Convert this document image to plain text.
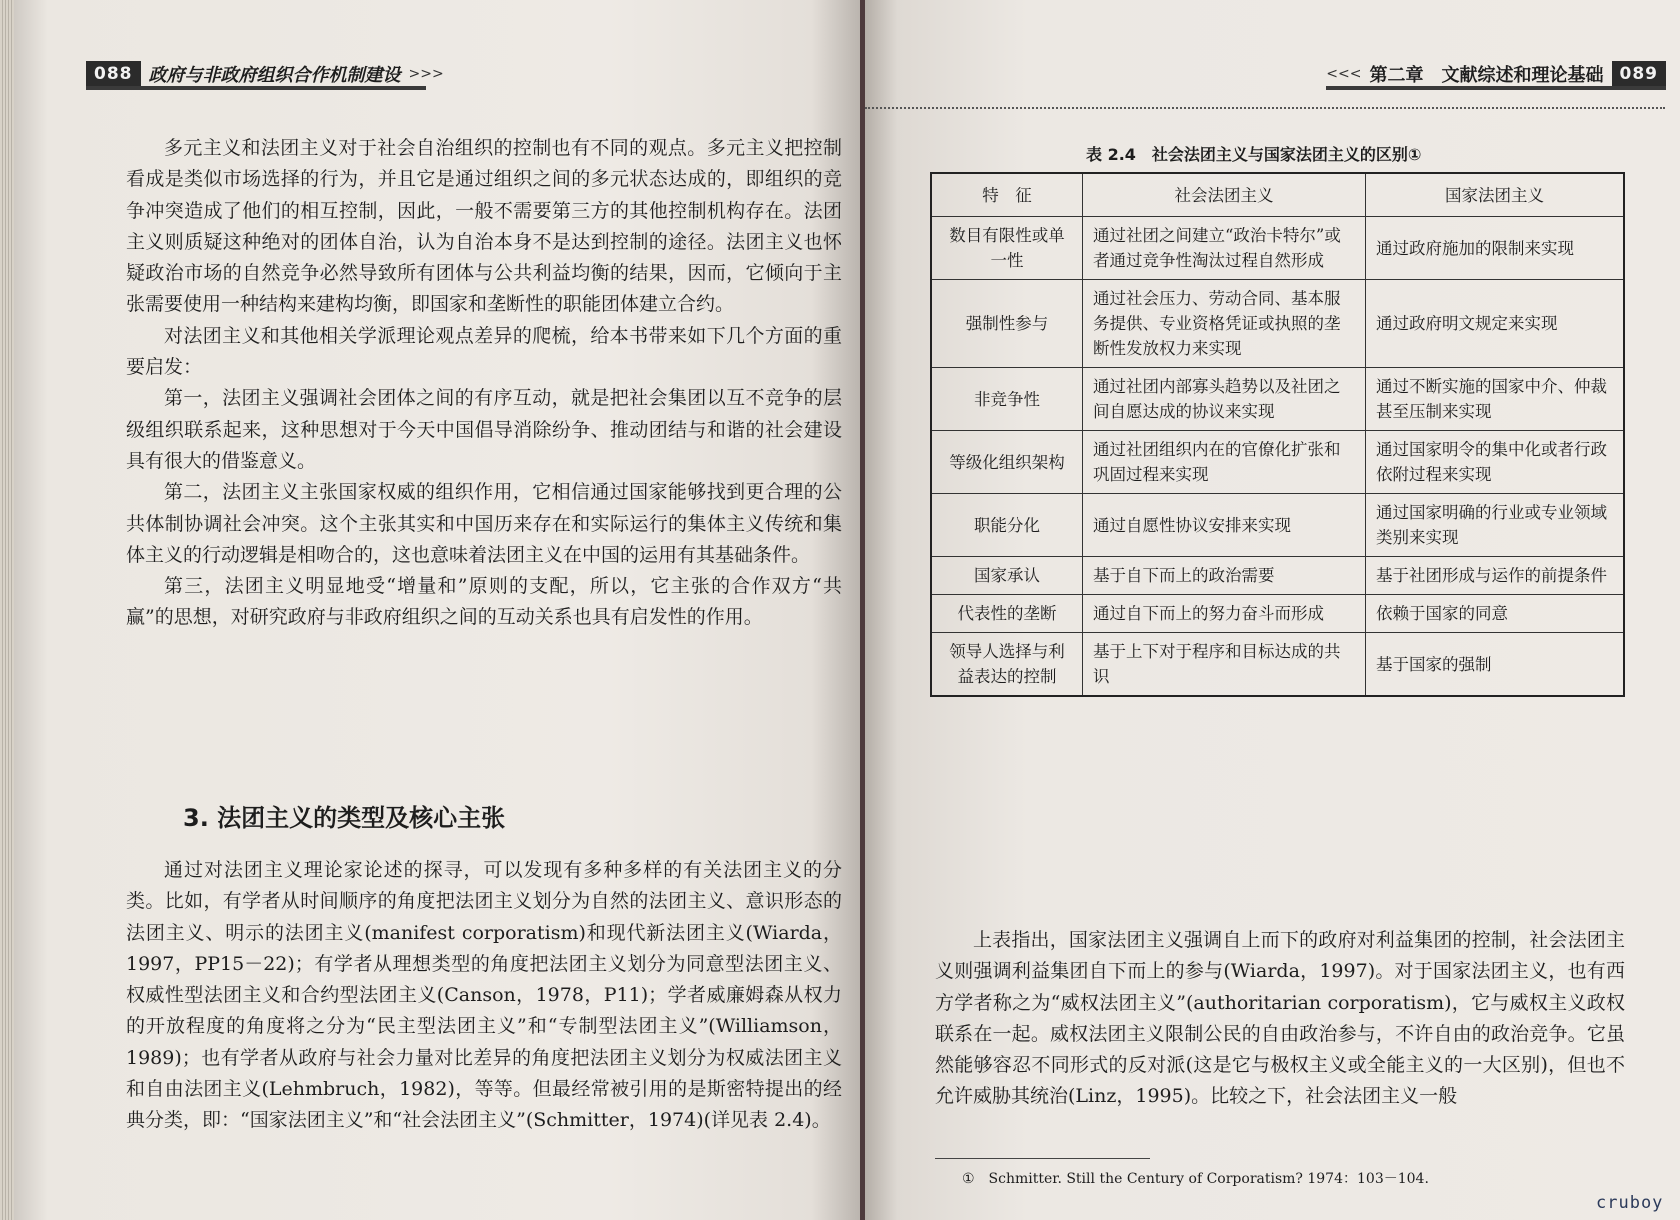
088 政府与非政府组织合作机制建设 >>>

多元主义和法团主义对于社会自治组织的控制也有不同的观点。多元主义把控制看成是类似市场选择的行为，并且它是通过组织之间的多元状态达成的，即组织的竞争冲突造成了他们的相互控制，因此，一般不需要第三方的其他控制机构存在。法团主义则质疑这种绝对的团体自治，认为自治本身不是达到控制的途径。法团主义也怀疑政治市场的自然竞争必然导致所有团体与公共利益均衡的结果，因而，它倾向于主张需要使用一种结构来建构均衡，即国家和垄断性的职能团体建立合约。

对法团主义和其他相关学派理论观点差异的爬梳，给本书带来如下几个方面的重要启发：

第一，法团主义强调社会团体之间的有序互动，就是把社会集团以互不竞争的层级组织联系起来，这种思想对于今天中国倡导消除纷争、推动团结与和谐的社会建设具有很大的借鉴意义。

第二，法团主义主张国家权威的组织作用，它相信通过国家能够找到更合理的公共体制协调社会冲突。这个主张其实和中国历来存在和实际运行的集体主义传统和集体主义的行动逻辑是相吻合的，这也意味着法团主义在中国的运用有其基础条件。

第三，法团主义明显地受“增量和”原则的支配，所以，它主张的合作双方“共赢”的思想，对研究政府与非政府组织之间的互动关系也具有启发性的作用。

3. 法团主义的类型及核心主张

通过对法团主义理论家论述的探寻，可以发现有多种多样的有关法团主义的分类。比如，有学者从时间顺序的角度把法团主义划分为自然的法团主义、意识形态的法团主义、明示的法团主义(manifest corporatism)和现代新法团主义(Wiarda，1997，PP15－22)；有学者从理想类型的角度把法团主义划分为同意型法团主义、权威性型法团主义和合约型法团主义(Canson，1978，P11)；学者威廉姆森从权力的开放程度的角度将之分为“民主型法团主义”和“专制型法团主义”(Williamson，1989)；也有学者从政府与社会力量对比差异的角度把法团主义划分为权威法团主义和自由法团主义(Lehmbruch，1982)，等等。但最经常被引用的是斯密特提出的经典分类，即：“国家法团主义”和“社会法团主义”(Schmitter，1974)(详见表 2.4)。

<<< 第二章　文献综述和理论基础 089
表 2.4　社会法团主义与国家法团主义的区别①
特　征	社会法团主义	国家法团主义
数目有限性或单一性	通过社团之间建立“政治卡特尔”或者通过竞争性淘汰过程自然形成	通过政府施加的限制来实现
强制性参与	通过社会压力、劳动合同、基本服务提供、专业资格凭证或执照的垄断性发放权力来实现	通过政府明文规定来实现
非竞争性	通过社团内部寡头趋势以及社团之间自愿达成的协议来实现	通过不断实施的国家中介、仲裁甚至压制来实现
等级化组织架构	通过社团组织内在的官僚化扩张和巩固过程来实现	通过国家明令的集中化或者行政依附过程来实现
职能分化	通过自愿性协议安排来实现	通过国家明确的行业或专业领域类别来实现
国家承认	基于自下而上的政治需要	基于社团形成与运作的前提条件
代表性的垄断	通过自下而上的努力奋斗而形成	依赖于国家的同意
领导人选择与利益表达的控制	基于上下对于程序和目标达成的共识	基于国家的强制

上表指出，国家法团主义强调自上而下的政府对利益集团的控制，社会法团主义则强调利益集团自下而上的参与(Wiarda，1997)。对于国家法团主义，也有西方学者称之为“威权法团主义”(authoritarian corporatism)，它与威权主义政权联系在一起。威权法团主义限制公民的自由政治参与，不许自由的政治竞争。它虽然能够容忍不同形式的反对派(这是它与极权主义或全能主义的一大区别)，但也不允许威胁其统治(Linz，1995)。比较之下，社会法团主义一般

①　Schmitter. Still the Century of Corporatism? 1974：103－104.
cruboy
